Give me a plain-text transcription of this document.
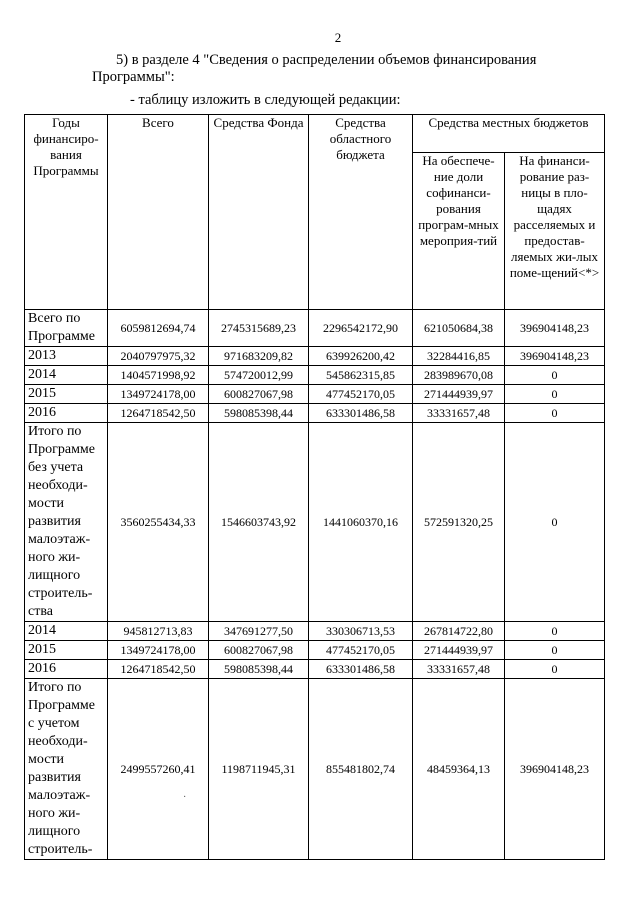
2
5) в разделе 4 "Сведения о распределении объемов финансирования
Программы":
- таблицу изложить в следующей редакции:
Годы финансиро-вания Программы	Всего	Средства Фонда	Средства областного бюджета	Средства местных бюджетов	
				На обеспече-ние доли софинанси-рования програм-мных мероприя-тий	На финанси-рование раз-ницы в пло-щадях расселяемых и предостав-ляемых жи-лых поме-щений<*>
Всего по Программе	6059812694,74	2745315689,23	2296542172,90	621050684,38	396904148,23
2013	2040797975,32	971683209,82	639926200,42	32284416,85	396904148,23
2014	1404571998,92	574720012,99	545862315,85	283989670,08	0
2015	1349724178,00	600827067,98	477452170,05	271444939,97	0
2016	1264718542,50	598085398,44	633301486,58	33331657,48	0
Итого по Программе без учета необходи-мости развития малоэтаж-ного жи-лищного строитель-ства	3560255434,33	1546603743,92	1441060370,16	572591320,25	0
2014	945812713,83	347691277,50	330306713,53	267814722,80	0
2015	1349724178,00	600827067,98	477452170,05	271444939,97	0
2016	1264718542,50	598085398,44	633301486,58	33331657,48	0
Итого по Программе с учетом необходи-мости развития малоэтаж-ного жи-лищного строитель-	2499557260,41	1198711945,31	855481802,74	48459364,13	396904148,23
·
